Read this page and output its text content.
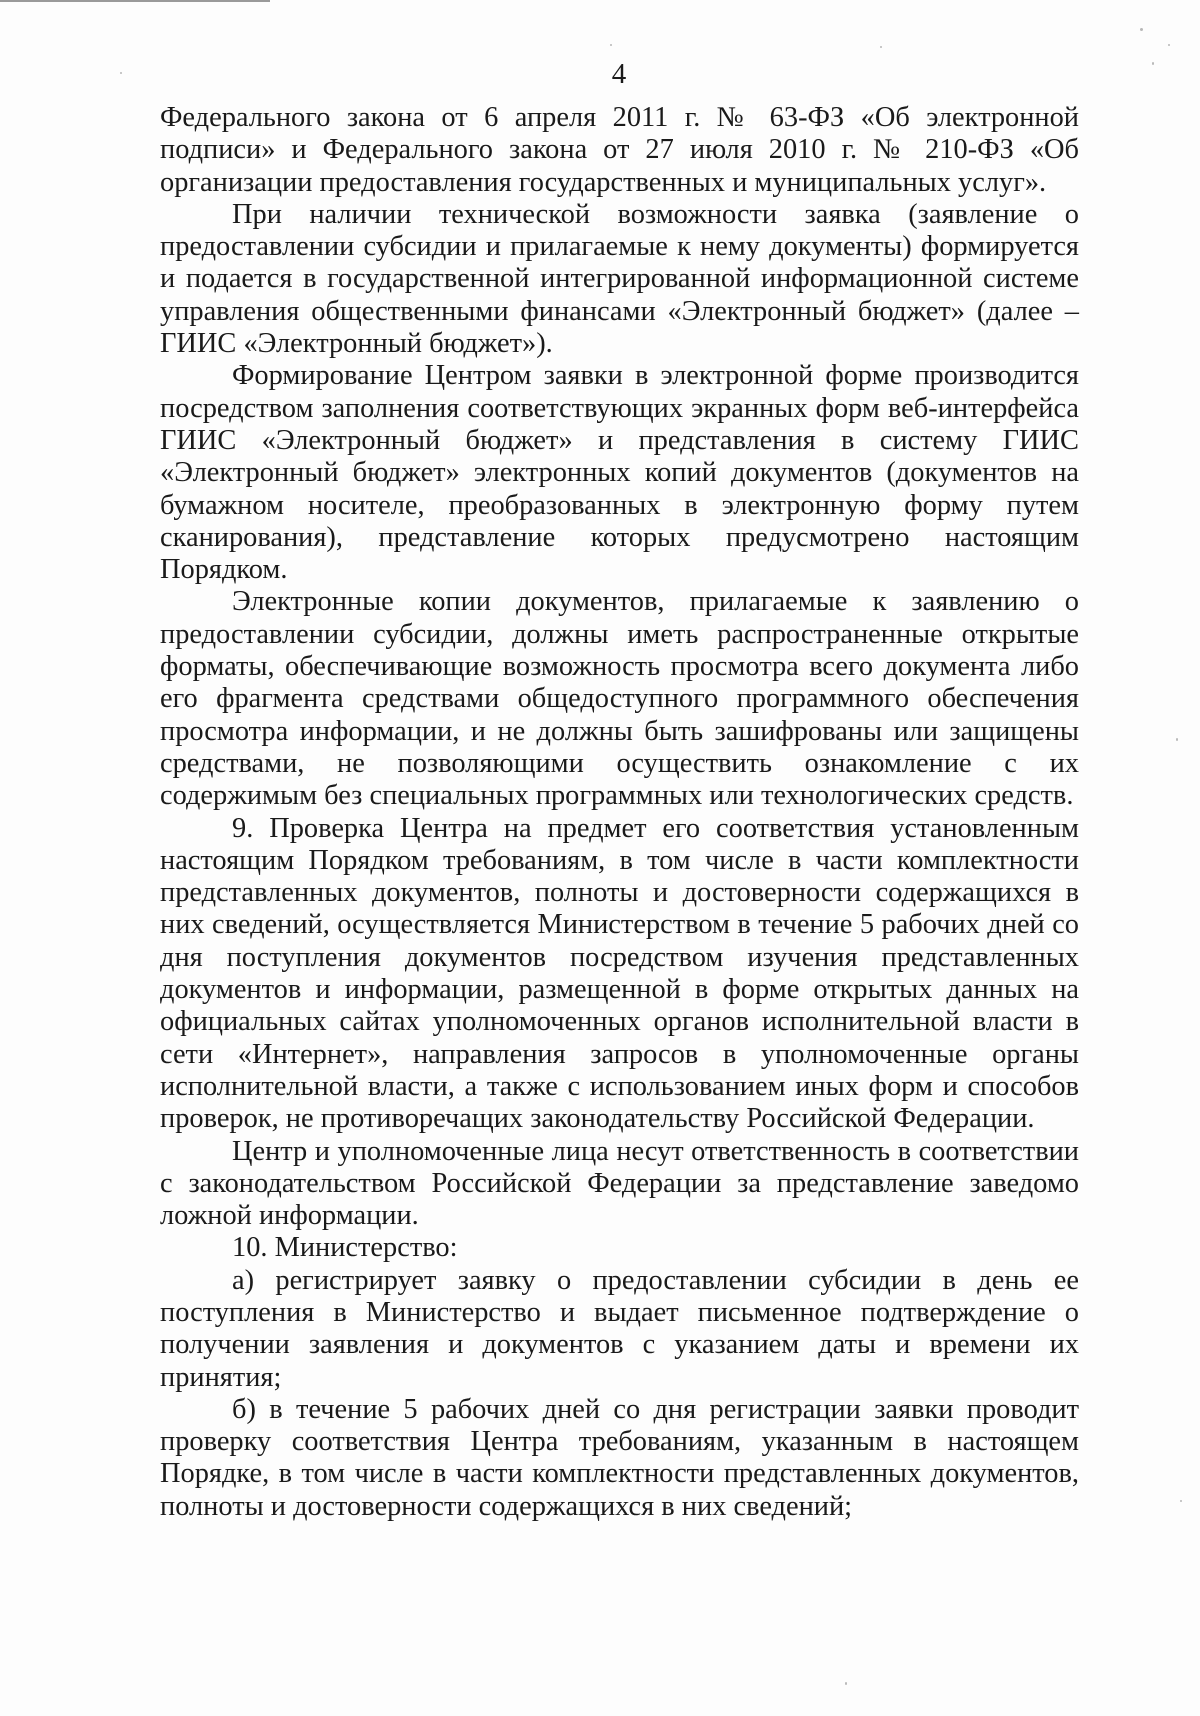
4

Федерального закона от 6 апреля 2011 г. № 63-ФЗ «Об электронной подписи» и Федерального закона от 27 июля 2010 г. № 210-ФЗ «Об организации предоставления государственных и муниципальных услуг».

При наличии технической возможности заявка (заявление о предоставлении субсидии и прилагаемые к нему документы) формируется и подается в государственной интегрированной информационной системе управления общественными финансами «Электронный бюджет» (далее – ГИИС «Электронный бюджет»).

Формирование Центром заявки в электронной форме производится посредством заполнения соответствующих экранных форм веб-интерфейса ГИИС «Электронный бюджет» и представления в систему ГИИС «Электронный бюджет» электронных копий документов (документов на бумажном носителе, преобразованных в электронную форму путем сканирования), представление которых предусмотрено настоящим Порядком.

Электронные копии документов, прилагаемые к заявлению о предоставлении субсидии, должны иметь распространенные открытые форматы, обеспечивающие возможность просмотра всего документа либо его фрагмента средствами общедоступного программного обеспечения просмотра информации, и не должны быть зашифрованы или защищены средствами, не позволяющими осуществить ознакомление с их содержимым без специальных программных или технологических средств.

9. Проверка Центра на предмет его соответствия установленным настоящим Порядком требованиям, в том числе в части комплектности представленных документов, полноты и достоверности содержащихся в них сведений, осуществляется Министерством в течение 5 рабочих дней со дня поступления документов посредством изучения представленных документов и информации, размещенной в форме открытых данных на официальных сайтах уполномоченных органов исполнительной власти в сети «Интернет», направления запросов в уполномоченные органы исполнительной власти, а также с использованием иных форм и способов проверок, не противоречащих законодательству Российской Федерации.

Центр и уполномоченные лица несут ответственность в соответствии с законодательством Российской Федерации за представление заведомо ложной информации.

10. Министерство:

а) регистрирует заявку о предоставлении субсидии в день ее поступления в Министерство и выдает письменное подтверждение о получении заявления и документов с указанием даты и времени их принятия;

б) в течение 5 рабочих дней со дня регистрации заявки проводит проверку соответствия Центра требованиям, указанным в настоящем Порядке, в том числе в части комплектности представленных документов, полноты и достоверности содержащихся в них сведений;
